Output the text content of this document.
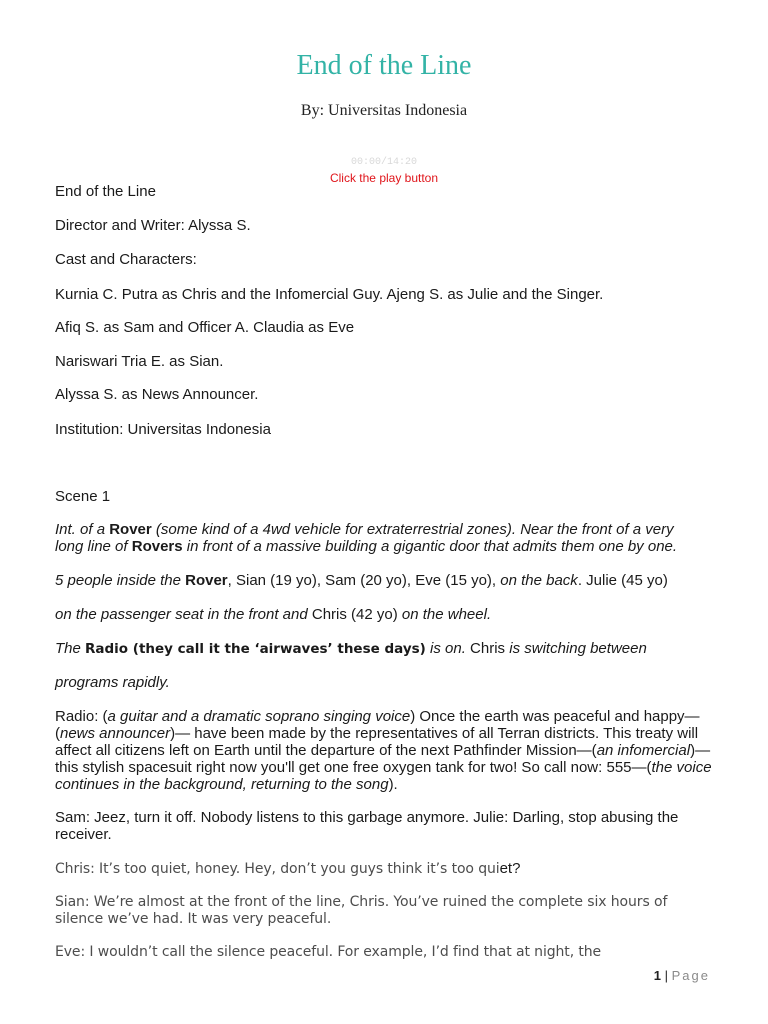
End of the Line
By: Universitas Indonesia
00:00/14:20
Click the play button

End of the Line

Director and Writer: Alyssa S.

Cast and Characters:

Kurnia C. Putra as Chris and the Infomercial Guy. Ajeng S. as Julie and the Singer.

Afiq S. as Sam and Officer A. Claudia as Eve

Nariswari Tria E. as Sian.

Alyssa S. as News Announcer.

Institution: Universitas Indonesia

Scene 1

Int. of a Rover (some kind of a 4wd vehicle for extraterrestrial zones). Near the front of a very

long line of Rovers in front of a massive building a gigantic door that admits them one by one.

5 people inside the Rover, Sian (19 yo), Sam (20 yo), Eve (15 yo), on the back. Julie (45 yo)

on the passenger seat in the front and Chris (42 yo) on the wheel.

The Radio (they call it the ‘airwaves’ these days) is on. Chris is switching between

programs rapidly.

Radio: (a guitar and a dramatic soprano singing voice) Once the earth was peaceful and happy—(news announcer)— have been made by the representatives of all Terran districts. This treaty will affect all citizens left on Earth until the departure of the next Pathfinder Mission—(an infomercial)—this stylish spacesuit right now you'll get one free oxygen tank for two! So call now: 555—(the voice continues in the background, returning to the song).

Sam: Jeez, turn it off. Nobody listens to this garbage anymore. Julie: Darling, stop abusing the receiver.

Chris: It’s too quiet, honey. Hey, don’t you guys think it’s too quiet?

Sian: We’re almost at the front of the line, Chris. You’ve ruined the complete six hours of silence we’ve had. It was very peaceful.

Eve: I wouldn’t call the silence peaceful. For example, I’d find that at night, the

1 | Page
